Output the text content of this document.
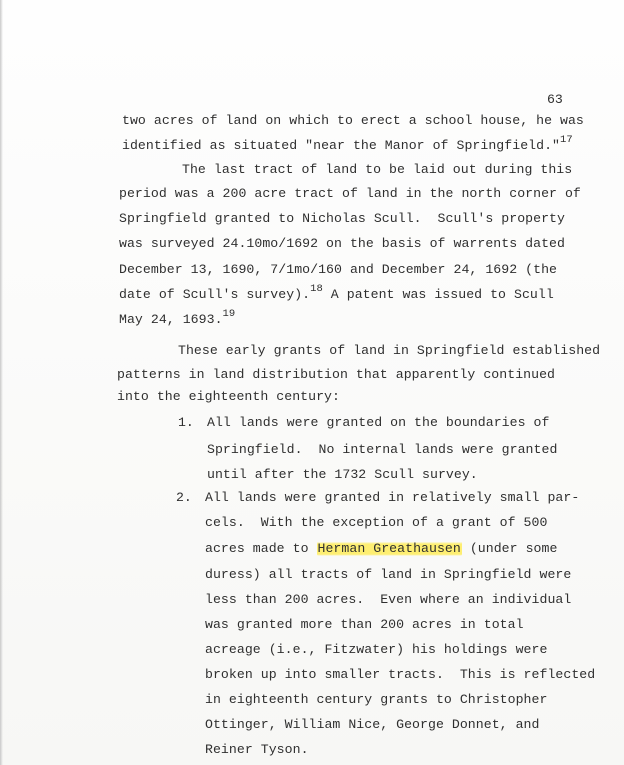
63
two acres of land on which to erect a school house, he was
identified as situated "near the Manor of Springfield."$^{17}$
The last tract of land to be laid out during this
period was a 200 acre tract of land in the north corner of
Springfield granted to Nicholas Scull.  Scull's property
was surveyed 24.10mo/1692 on the basis of warrents dated
December 13, 1690, 7/1mo/160 and December 24, 1692 (the
date of Scull's survey).$^{18}$ A patent was issued to Scull
May 24, 1693.19
These early grants of land in Springfield established
patterns in land distribution that apparently continued
into the eighteenth century:
1. All lands were granted on the boundaries of
Springfield.  No internal lands were granted
until after the 1732 Scull survey.
2. All lands were granted in relatively small par-
cels.  With the exception of a grant of 500
acres made to Herman Greathausen (under some
duress) all tracts of land in Springfield were
less than 200 acres.  Even where an individual
was granted more than 200 acres in total
acreage (i.e., Fitzwater) his holdings were
broken up into smaller tracts.  This is reflected
in eighteenth century grants to Christopher
Ottinger, William Nice, George Donnet, and
Reiner Tyson.
